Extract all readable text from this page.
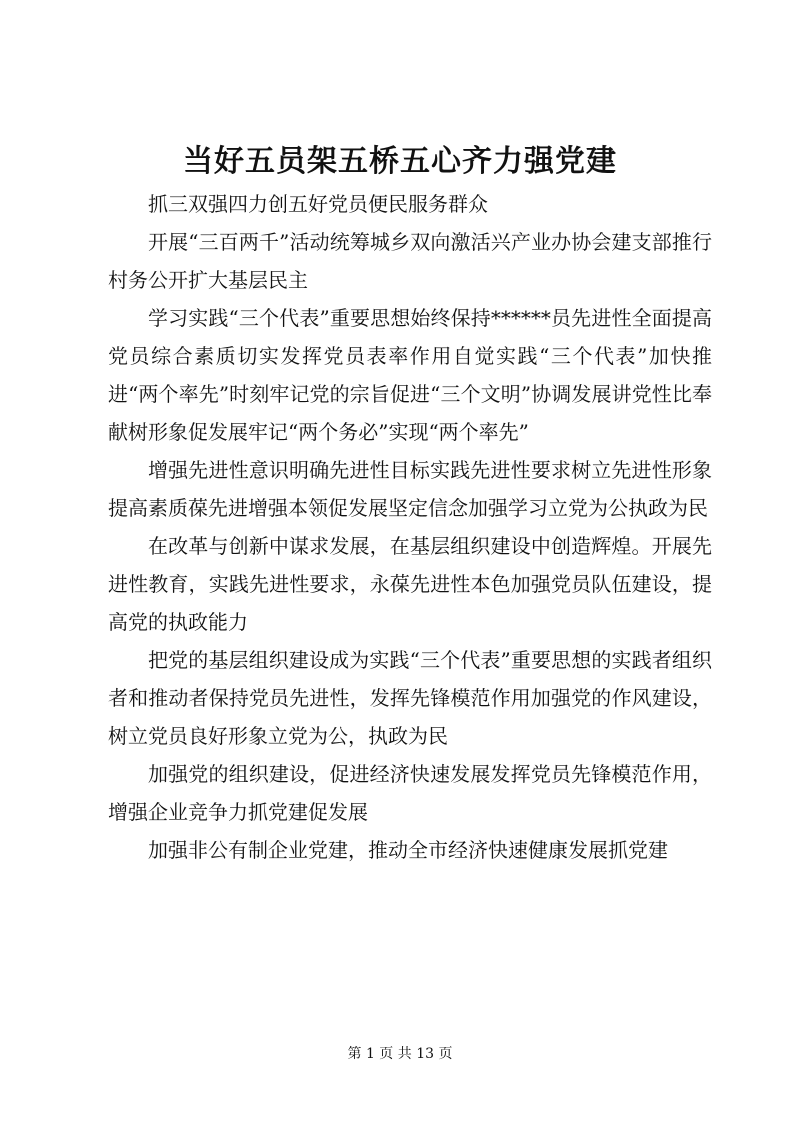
当好五员架五桥五心齐力强党建

抓三双强四力创五好党员便民服务群众

开展“三百两千”活动统筹城乡双向激活兴产业办协会建支部推行村务公开扩大基层民主

学习实践“三个代表”重要思想始终保持******员先进性全面提高党员综合素质切实发挥党员表率作用自觉实践“三个代表”加快推进“两个率先”时刻牢记党的宗旨促进“三个文明”协调发展讲党性比奉献树形象促发展牢记“两个务必”实现“两个率先”

增强先进性意识明确先进性目标实践先进性要求树立先进性形象提高素质葆先进增强本领促发展坚定信念加强学习立党为公执政为民

在改革与创新中谋求发展，在基层组织建设中创造辉煌。开展先进性教育，实践先进性要求，永葆先进性本色加强党员队伍建设，提高党的执政能力

把党的基层组织建设成为实践“三个代表”重要思想的实践者组织者和推动者保持党员先进性，发挥先锋模范作用加强党的作风建设，树立党员良好形象立党为公，执政为民

加强党的组织建设，促进经济快速发展发挥党员先锋模范作用，增强企业竞争力抓党建促发展

加强非公有制企业党建，推动全市经济快速健康发展抓党建

第 1 页 共 13 页
